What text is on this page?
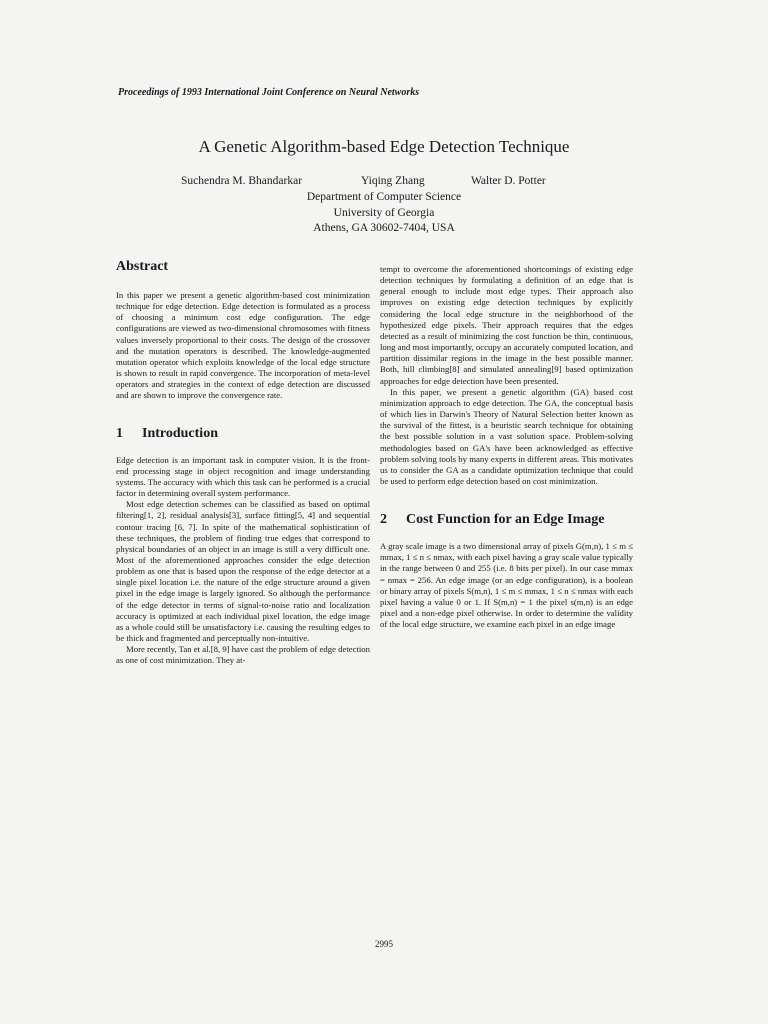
Proceedings of 1993 International Joint Conference on Neural Networks
A Genetic Algorithm-based Edge Detection Technique
Suchendra M. Bhandarkar	Yiqing Zhang	Walter D. Potter
Department of Computer Science
University of Georgia
Athens, GA 30602-7404, USA
Abstract

In this paper we present a genetic algorithm-based cost minimization technique for edge detection. Edge detection is formulated as a process of choosing a minimum cost edge configuration. The edge configurations are viewed as two-dimensional chromosomes with fitness values inversely proportional to their costs. The design of the crossover and the mutation operators is described. The knowledge-augmented mutation operator which exploits knowledge of the local edge structure is shown to result in rapid convergence. The incorporation of meta-level operators and strategies in the context of edge detection are discussed and are shown to improve the convergence rate.

1	Introduction

Edge detection is an important task in computer vision. It is the front-end processing stage in object recognition and image understanding systems. The accuracy with which this task can be performed is a crucial factor in determining overall system performance.

Most edge detection schemes can be classified as based on optimal filtering[1, 2], residual analysis[3], surface fitting[5, 4] and sequential contour tracing [6, 7]. In spite of the mathematical sophistication of these techniques, the problem of finding true edges that correspond to physical boundaries of an object in an image is still a very difficult one. Most of the aforementioned approaches consider the edge detection problem as one that is based upon the response of the edge detector at a single pixel location i.e. the nature of the edge structure around a given pixel in the edge image is largely ignored. So although the performance of the edge detector in terms of signal-to-noise ratio and localization accuracy is optimized at each individual pixel location, the edge image as a whole could still be unsatisfactory i.e. causing the resulting edges to be thick and fragmented and perceptually non-intuitive.

More recently, Tan et al.[8, 9] have cast the problem of edge detection as one of cost minimization. They at-

tempt to overcome the aforementioned shortcomings of existing edge detection techniques by formulating a definition of an edge that is general enough to include most edge types. Their approach also improves on existing edge detection techniques by explicitly considering the local edge structure in the neighborhood of the hypothesized edge pixels. Their approach requires that the edges detected as a result of minimizing the cost function be thin, continuous, long and most importantly, occupy an accurately computed location, and partition dissimilar regions in the image in the best possible manner. Both, hill climbing[8] and simulated annealing[9] based optimization approaches for edge detection have been presented.

In this paper, we present a genetic algorithm (GA) based cost minimization approach to edge detection. The GA, the conceptual basis of which lies in Darwin's Theory of Natural Selection better known as the survival of the fittest, is a heuristic search technique for obtaining the best possible solution in a vast solution space. Problem-solving methodologies based on GA's have been acknowledged as effective problem solving tools by many experts in different areas. This motivates us to consider the GA as a candidate optimization technique that could be used to perform edge detection based on cost minimization.

2	Cost Function for an Edge Image

A gray scale image is a two dimensional array of pixels G(m,n), 1 ≤ m ≤ mmax, 1 ≤ n ≤ nmax, with each pixel having a gray scale value typically in the range between 0 and 255 (i.e. 8 bits per pixel). In our case mmax = nmax = 256. An edge image (or an edge configuration), is a boolean or binary array of pixels S(m,n), 1 ≤ m ≤ mmax, 1 ≤ n ≤ nmax with each pixel having a value 0 or 1. If S(m,n) = 1 the pixel s(m,n) is an edge pixel and a non-edge pixel otherwise. In order to determine the validity of the local edge structure, we examine each pixel in an edge image

2995
